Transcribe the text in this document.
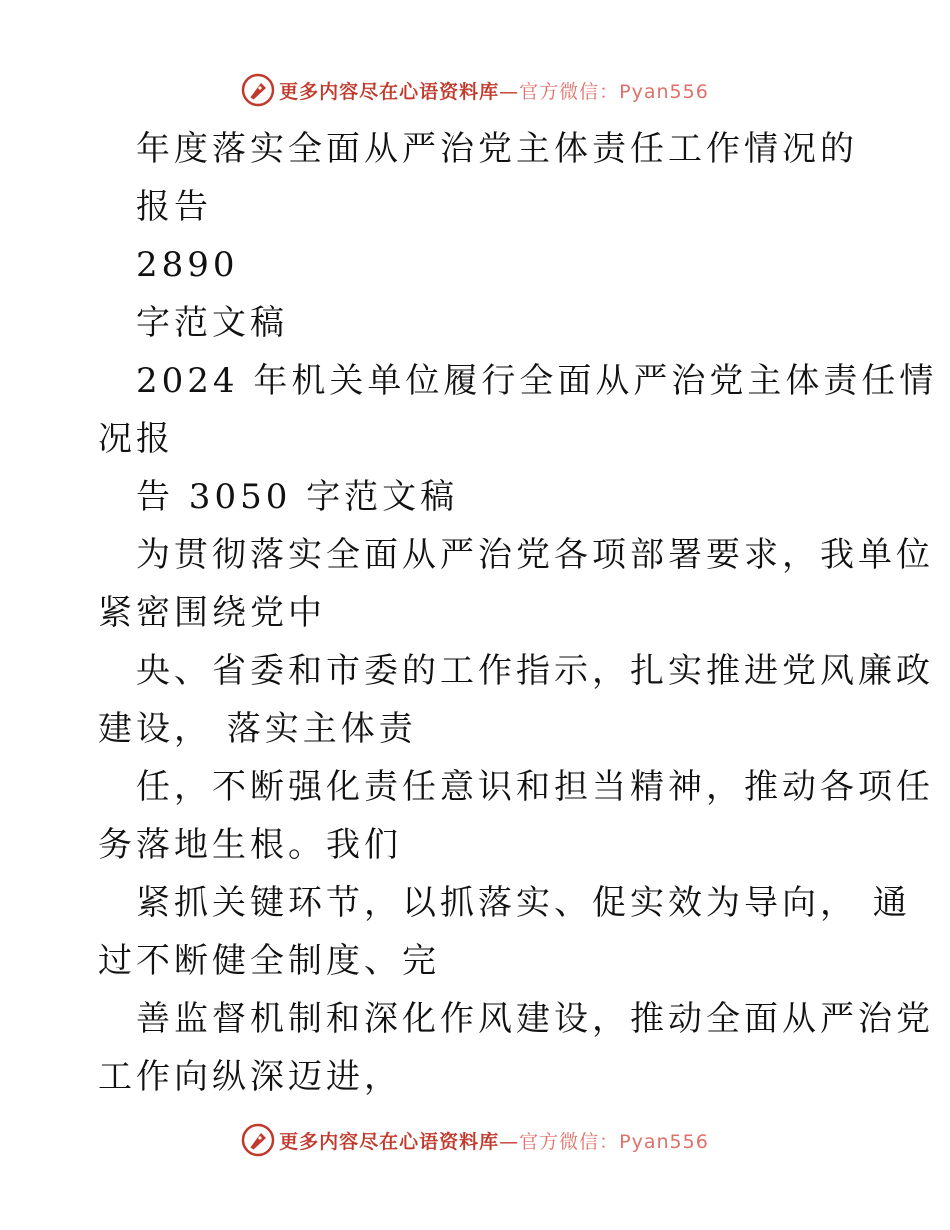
更多内容尽在心语资料库—官方微信：Pyan556
年度落实全面从严治党主体责任工作情况的
报告
2890
字范文稿
2024 年机关单位履行全面从严治党主体责任情
况报
告 3050 字范文稿
为贯彻落实全面从严治党各项部署要求，我单位
紧密围绕党中
央、省委和市委的工作指示，扎实推进党风廉政
建设， 落实主体责
任，不断强化责任意识和担当精神，推动各项任
务落地生根。我们
紧抓关键环节，以抓落实、促实效为导向， 通
过不断健全制度、完
善监督机制和深化作风建设，推动全面从严治党
工作向纵深迈进，
更多内容尽在心语资料库—官方微信：Pyan556
